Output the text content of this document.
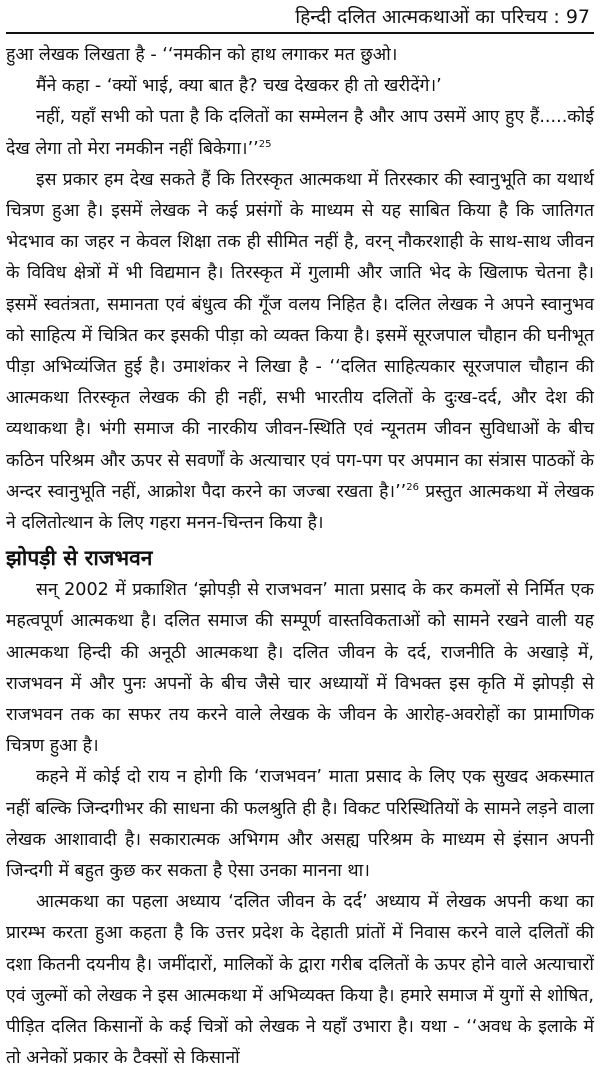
हिन्दी दलित आत्मकथाओं का परिचय : 97

हुआ लेखक लिखता है - ‘‘नमकीन को हाथ लगाकर मत छुओ।

मैंने कहा - ‘क्यों भाई, क्या बात है? चख देखकर ही तो खरीदेंगे।’

नहीं, यहाँ सभी को पता है कि दलितों का सम्मेलन है और आप उसमें आए हुए हैं.....कोई देख लेगा तो मेरा नमकीन नहीं बिकेगा।’’$^{25}$

इस प्रकार हम देख सकते हैं कि तिरस्कृत आत्मकथा में तिरस्कार की स्वानुभूति का यथार्थ चित्रण हुआ है। इसमें लेखक ने कई प्रसंगों के माध्यम से यह साबित किया है कि जातिगत भेदभाव का जहर न केवल शिक्षा तक ही सीमित नहीं है, वरन् नौकरशाही के साथ-साथ जीवन के विविध क्षेत्रों में भी विद्यमान है। तिरस्कृत में गुलामी और जाति भेद के खिलाफ चेतना है। इसमें स्वतंत्रता, समानता एवं बंधुत्व की गूँज वलय निहित है। दलित लेखक ने अपने स्वानुभव को साहित्य में चित्रित कर इसकी पीड़ा को व्यक्त किया है। इसमें सूरजपाल चौहान की घनीभूत पीड़ा अभिव्यंजित हुई है। उमाशंकर ने लिखा है - ‘‘दलित साहित्यकार सूरजपाल चौहान की आत्मकथा तिरस्कृत लेखक की ही नहीं, सभी भारतीय दलितों के दुःख-दर्द, और देश की व्यथाकथा है। भंगी समाज की नारकीय जीवन-स्थिति एवं न्यूनतम जीवन सुविधाओं के बीच कठिन परिश्रम और ऊपर से सवर्णों के अत्याचार एवं पग-पग पर अपमान का संत्रास पाठकों के अन्दर स्वानुभूति नहीं, आक्रोश पैदा करने का जज्बा रखता है।’’$^{26}$ प्रस्तुत आत्मकथा में लेखक ने दलितोत्थान के लिए गहरा मनन-चिन्तन किया है।

झोपड़ी से राजभवन

सन् 2002 में प्रकाशित ‘झोपड़ी से राजभवन’ माता प्रसाद के कर कमलों से निर्मित एक महत्वपूर्ण आत्मकथा है। दलित समाज की सम्पूर्ण वास्तविकताओं को सामने रखने वाली यह आत्मकथा हिन्दी की अनूठी आत्मकथा है। दलित जीवन के दर्द, राजनीति के अखाड़े में, राजभवन में और पुनः अपनों के बीच जैसे चार अध्यायों में विभक्त इस कृति में झोपड़ी से राजभवन तक का सफर तय करने वाले लेखक के जीवन के आरोह-अवरोहों का प्रामाणिक चित्रण हुआ है।

कहने में कोई दो राय न होगी कि ‘राजभवन’ माता प्रसाद के लिए एक सुखद अकस्मात नहीं बल्कि जिन्दगीभर की साधना की फलश्रुति ही है। विकट परिस्थितियों के सामने लड़ने वाला लेखक आशावादी है। सकारात्मक अभिगम और असह्य परिश्रम के माध्यम से इंसान अपनी जिन्दगी में बहुत कुछ कर सकता है ऐसा उनका मानना था।

आत्मकथा का पहला अध्याय ‘दलित जीवन के दर्द’ अध्याय में लेखक अपनी कथा का प्रारम्भ करता हुआ कहता है कि उत्तर प्रदेश के देहाती प्रांतों में निवास करने वाले दलितों की दशा कितनी दयनीय है। जमींदारों, मालिकों के द्वारा गरीब दलितों के ऊपर होने वाले अत्याचारों एवं जुल्मों को लेखक ने इस आत्मकथा में अभिव्यक्त किया है। हमारे समाज में युगों से शोषित, पीड़ित दलित किसानों के कई चित्रों को लेखक ने यहाँ उभारा है। यथा - ‘‘अवध के इलाके में तो अनेकों प्रकार के टैक्सों से किसानों
